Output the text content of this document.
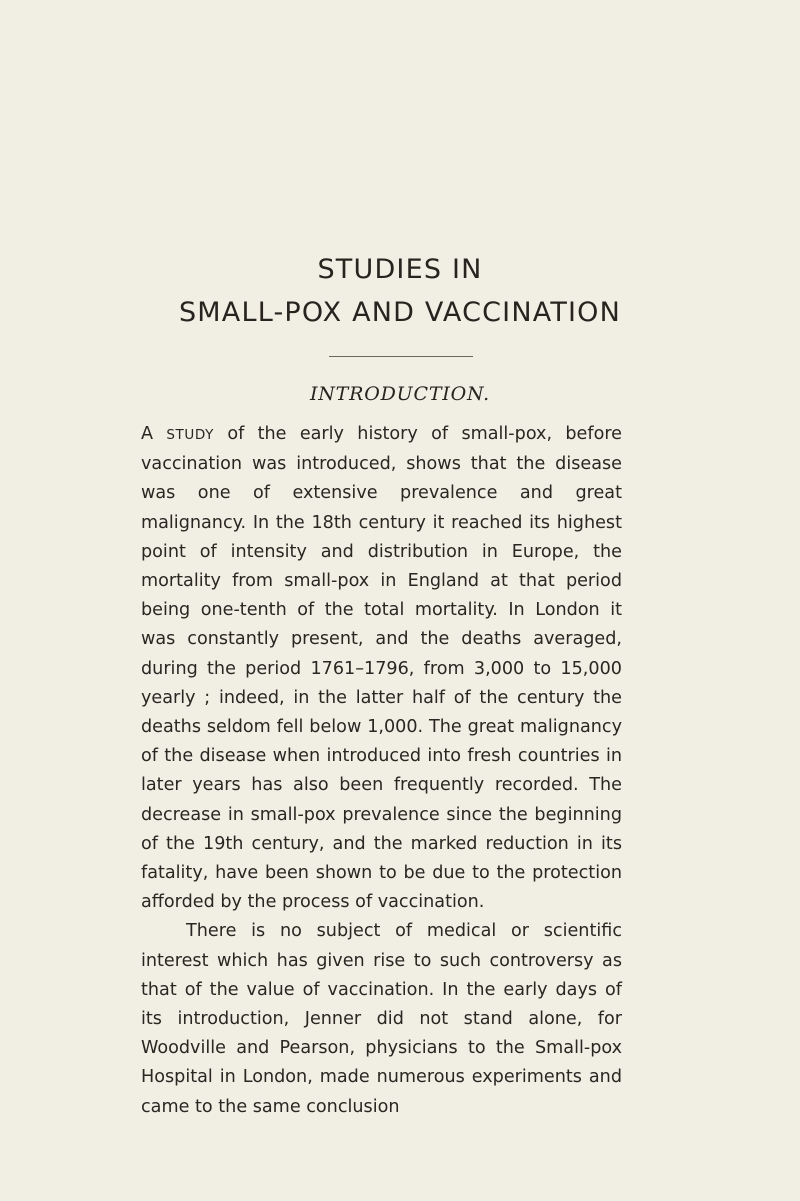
STUDIES IN
SMALL-POX AND VACCINATION
INTRODUCTION.

A STUDY of the early history of small-pox, before vaccination was introduced, shows that the disease was one of extensive prevalence and great malignancy. In the 18th century it reached its highest point of intensity and distribution in Europe, the mortality from small-pox in England at that period being one-tenth of the total mortality. In London it was constantly present, and the deaths averaged, during the period 1761–1796, from 3,000 to 15,000 yearly ; indeed, in the latter half of the century the deaths seldom fell below 1,000. The great malignancy of the disease when introduced into fresh countries in later years has also been frequently recorded. The decrease in small-pox prevalence since the beginning of the 19th century, and the marked reduction in its fatality, have been shown to be due to the protection afforded by the process of vaccination.

There is no subject of medical or scientific interest which has given rise to such controversy as that of the value of vaccination. In the early days of its introduction, Jenner did not stand alone, for Woodville and Pearson, physicians to the Small-pox Hospital in London, made numerous experiments and came to the same conclusion
